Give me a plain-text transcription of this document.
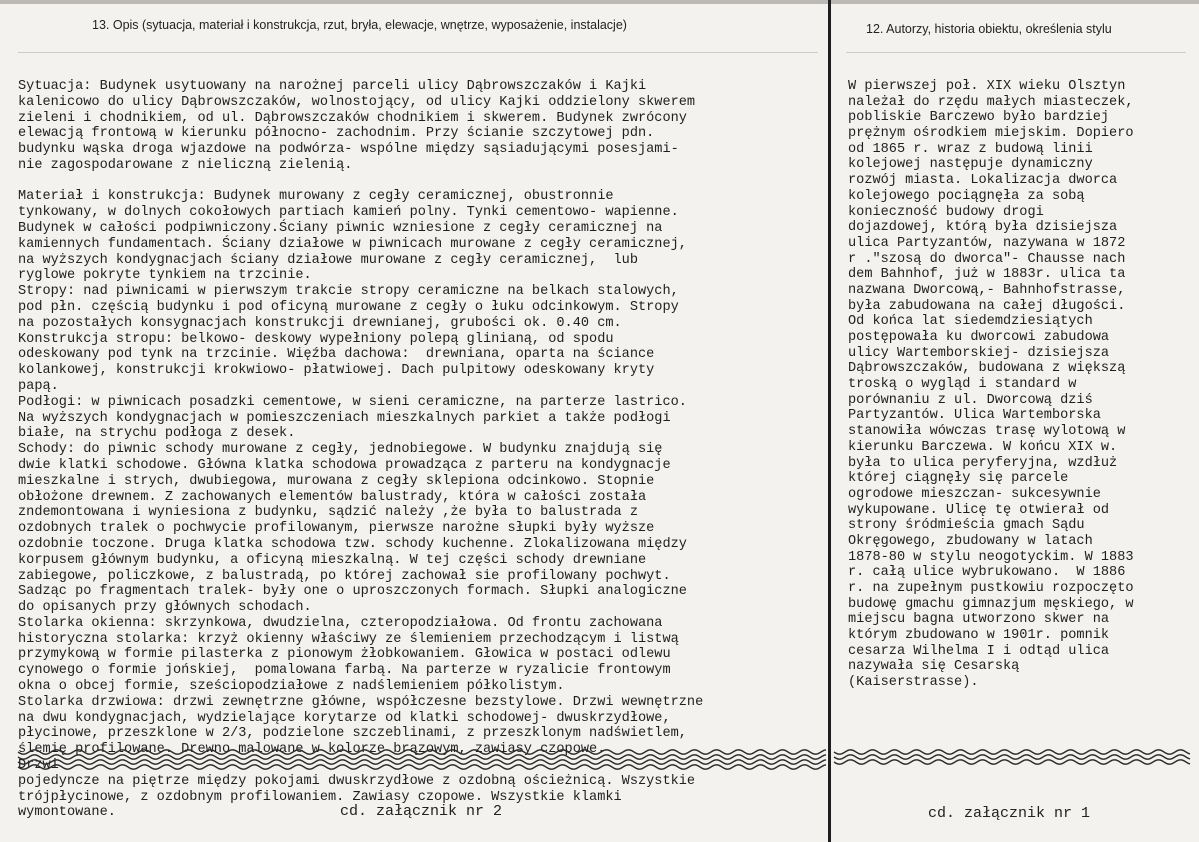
13. Opis (sytuacja, materiał i konstrukcja, rzut, bryła, elewacje, wnętrze, wyposażenie, instalacje)	12. Autorzy, historia obiektu, określenia stylu
Sytuacja: Budynek usytuowany na narożnej parceli ulicy Dąbrowszczaków i Kajki
kalenicowo do ulicy Dąbrowszczaków, wolnostojący, od ulicy Kajki oddzielony skwerem
zieleni i chodnikiem, od ul. Dąbrowszczaków chodnikiem i skwerem. Budynek zwrócony
elewacją frontową w kierunku północno- zachodnim. Przy ścianie szczytowej pdn.
budynku wąska droga wjazdowe na podwórza- wspólne między sąsiadującymi posesjami-
nie zagospodarowane z nieliczną zielenią.
Materiał i konstrukcja: Budynek murowany z cegły ceramicznej, obustronnie
tynkowany, w dolnych cokołowych partiach kamień polny. Tynki cementowo- wapienne.
Budynek w całości podpiwniczony.Ściany piwnic wzniesione z cegły ceramicznej na
kamiennych fundamentach. Ściany działowe w piwnicach murowane z cegły ceramicznej,
na wyższych kondygnacjach ściany działowe murowane z cegły ceramicznej,  lub
ryglowe pokryte tynkiem na trzcinie.
Stropy: nad piwnicami w pierwszym trakcie stropy ceramiczne na belkach stalowych,
pod płn. częścią budynku i pod oficyną murowane z cegły o łuku odcinkowym. Stropy
na pozostałych konsygnacjach konstrukcji drewnianej, grubości ok. 0.40 cm.
Konstrukcja stropu: belkowo- deskowy wypełniony polepą glinianą, od spodu
odeskowany pod tynk na trzcinie. Więźba dachowa:  drewniana, oparta na ściance
kolankowej, konstrukcji krokwiowo- płatwiowej. Dach pulpitowy odeskowany kryty
papą.
Podłogi: w piwnicach posadzki cementowe, w sieni ceramiczne, na parterze lastrico.
Na wyższych kondygnacjach w pomieszczeniach mieszkalnych parkiet a także podłogi
białe, na strychu podłoga z desek.
Schody: do piwnic schody murowane z cegły, jednobiegowe. W budynku znajdują się
dwie klatki schodowe. Główna klatka schodowa prowadząca z parteru na kondygnacje
mieszkalne i strych, dwubiegowa, murowana z cegły sklepiona odcinkowo. Stopnie
obłożone drewnem. Z zachowanych elementów balustrady, która w całości została
zndemontowana i wyniesiona z budynku, sądzić należy ,że była to balustrada z
ozdobnych tralek o pochwycie profilowanym, pierwsze narożne słupki były wyższe
ozdobnie toczone. Druga klatka schodowa tzw. schody kuchenne. Zlokalizowana między
korpusem głównym budynku, a oficyną mieszkalną. W tej części schody drewniane
zabiegowe, policzkowe, z balustradą, po której zachował sie profilowany pochwyt.
Sadząc po fragmentach tralek- były one o uproszczonych formach. Słupki analogiczne
do opisanych przy głównych schodach.
Stolarka okienna: skrzynkowa, dwudzielna, czteropodziałowa. Od frontu zachowana
historyczna stolarka: krzyż okienny właściwy ze ślemieniem przechodzącym i listwą
przymykową w formie pilasterka z pionowym żłobkowaniem. Głowica w postaci odlewu
cynowego o formie jońskiej,  pomalowana farbą. Na parterze w ryzalicie frontowym
okna o obcej formie, sześciopodziałowe z nadślemieniem półkolistym.
Stolarka drzwiowa: drzwi zewnętrzne główne, współczesne bezstylowe. Drzwi wewnętrzne
na dwu kondygnacjach, wydzielające korytarze od klatki schodowej- dwuskrzydłowe,
płycinowe, przeszklone w 2/3, podzielone szczeblinami, z przeszklonym nadświetlem,
ślemię profilowane. Drewno malowane w kolorze brązowym, zawiasy czopowe.
Drzwi
pojedyncze na piętrze między pokojami dwuskrzydłowe z ozdobną ościeżnicą. Wszystkie
trójpłycinowe, z ozdobnym profilowaniem. Zawiasy czopowe. Wszystkie klamki
wymontowane.
W pierwszej poł. XIX wieku Olsztyn
należał do rzędu małych miasteczek,
pobliskie Barczewo było bardziej
prężnym ośrodkiem miejskim. Dopiero
od 1865 r. wraz z budową linii
kolejowej następuje dynamiczny
rozwój miasta. Lokalizacja dworca
kolejowego pociągnęła za sobą
konieczność budowy drogi
dojazdowej, którą była dzisiejsza
ulica Partyzantów, nazywana w 1872
r ."szosą do dworca"- Chausse nach
dem Bahnhof, już w 1883r. ulica ta
nazwana Dworcową,- Bahnhofstrasse,
była zabudowana na całej długości.
Od końca lat siedemdziesiątych
postępowała ku dworcowi zabudowa
ulicy Wartemborskiej- dzisiejsza
Dąbrowszczaków, budowana z większą
troską o wygląd i standard w
porównaniu z ul. Dworcową dziś
Partyzantów. Ulica Wartemborska
stanowiła wówczas trasę wylotową w
kierunku Barczewa. W końcu XIX w.
była to ulica peryferyjna, wzdłuż
której ciągnęły się parcele
ogrodowe mieszczan- sukcesywnie
wykupowane. Ulicę tę otwierał od
strony śródmieścia gmach Sądu
Okręgowego, zbudowany w latach
1878-80 w stylu neogotyckim. W 1883
r. całą ulice wybrukowano.  W 1886
r. na zupełnym pustkowiu rozpoczęto
budowę gmachu gimnazjum męskiego, w
miejscu bagna utworzono skwer na
którym zbudowano w 1901r. pomnik
cesarza Wilhelma I i odtąd ulica
nazywała się Cesarską
(Kaiserstrasse).
cd. załącznik nr 2	cd. załącznik nr 1
